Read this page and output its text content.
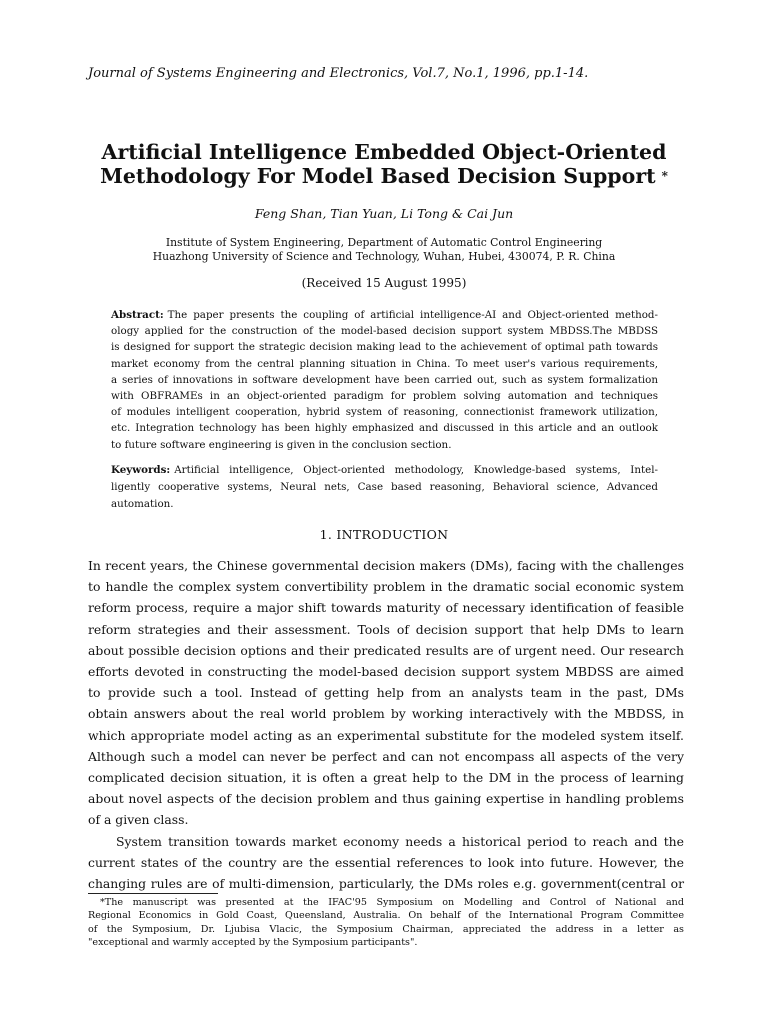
Journal of Systems Engineering and Electronics, Vol.7, No.1, 1996, pp.1-14.
Artificial Intelligence Embedded Object-Oriented
Methodology For Model Based Decision Support *
Feng Shan, Tian Yuan, Li Tong & Cai Jun
Institute of System Engineering, Department of Automatic Control Engineering
Huazhong University of Science and Technology, Wuhan, Hubei, 430074, P. R. China
(Received 15 August 1995)
Abstract: The paper presents the coupling of artificial intelligence-AI and Object-oriented method-
ology applied for the construction of the model-based decision support system MBDSS.The MBDSS
is designed for support the strategic decision making lead to the achievement of optimal path towards
market economy from the central planning situation in China. To meet user's various requirements,
a series of innovations in software development have been carried out, such as system formalization
with OBFRAMEs in an object-oriented paradigm for problem solving automation and techniques
of modules intelligent cooperation, hybrid system of reasoning, connectionist framework utilization,
etc. Integration technology has been highly emphasized and discussed in this article and an outlook
to future software engineering is given in the conclusion section.
Keywords: Artificial intelligence, Object-oriented methodology, Knowledge-based systems, Intel-
ligently cooperative systems, Neural nets, Case based reasoning, Behavioral science, Advanced
automation.
1. INTRODUCTION
In recent years, the Chinese governmental decision makers (DMs), facing with the challenges
to handle the complex system convertibility problem in the dramatic social economic system
reform process, require a major shift towards maturity of necessary identification of feasible
reform strategies and their assessment. Tools of decision support that help DMs to learn
about possible decision options and their predicated results are of urgent need. Our research
efforts devoted in constructing the model-based decision support system MBDSS are aimed
to provide such a tool. Instead of getting help from an analysts team in the past, DMs
obtain answers about the real world problem by working interactively with the MBDSS, in
which appropriate model acting as an experimental substitute for the modeled system itself.
Although such a model can never be perfect and can not encompass all aspects of the very
complicated decision situation, it is often a great help to the DM in the process of learning
about novel aspects of the decision problem and thus gaining expertise in handling problems
of a given class.
System transition towards market economy needs a historical period to reach and the
current states of the country are the essential references to look into future. However, the
changing rules are of multi-dimension, particularly, the DMs roles e.g. government(central or
*The manuscript was presented at the IFAC'95 Symposium on Modelling and Control of National and
Regional Economics in Gold Coast, Queensland, Australia. On behalf of the International Program Committee
of the Symposium, Dr. Ljubisa Vlacic, the Symposium Chairman, appreciated the address in a letter as
"exceptional and warmly accepted by the Symposium participants".
